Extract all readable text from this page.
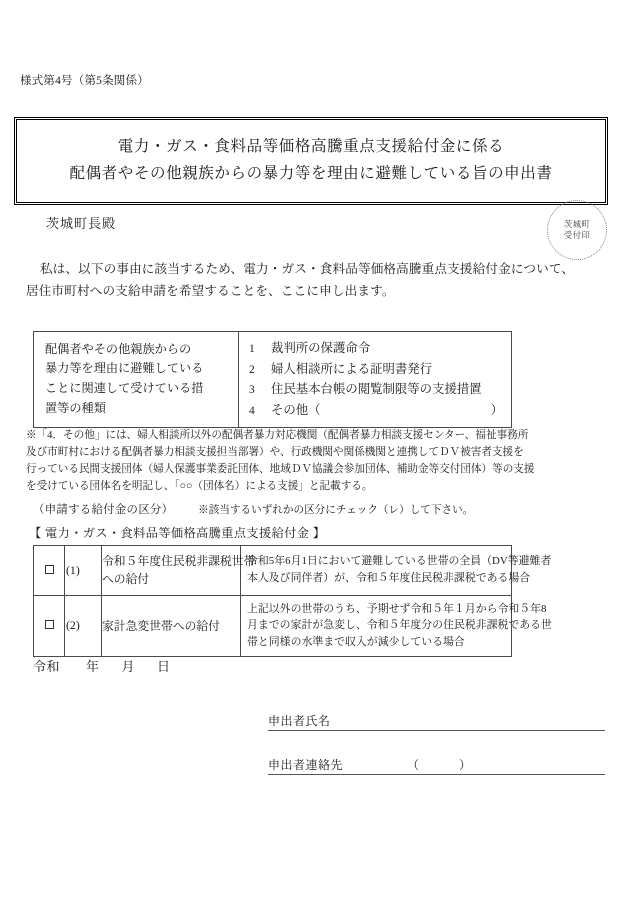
様式第4号（第5条関係）
電力・ガス・食料品等価格高騰重点支援給付金に係る
配偶者やその他親族からの暴力等を理由に避難している旨の申出書
茨城町長殿	茨城町
受付印
私は、以下の事由に該当するため、電力・ガス・食料品等価格高騰重点支援給付金について、
居住市町村への支給申請を希望することを、ここに申し出ます。
配偶者やその他親族からの
暴力等を理由に避難している
ことに関連して受けている措
置等の種類

1	裁判所の保護命令
2	婦人相談所による証明書発行
3	住民基本台帳の閲覧制限等の支援措置
4	その他（	）
※「4．その他」には、婦人相談所以外の配偶者暴力対応機関（配偶者暴力相談支援センター、福祉事務所
及び市町村における配偶者暴力相談支援担当部署）や、行政機関や関係機関と連携してＤＶ被害者支援を
行っている民間支援団体（婦人保護事業委託団体、地域ＤＶ協議会参加団体、補助金等交付団体）等の支援
を受けている団体名を明記し、「○○（団体名）による支援」と記載する。
（申請する給付金の区分） ※該当するいずれかの区分にチェック（レ）して下さい。
【 電力・ガス・食料品等価格高騰重点支援給付金 】
	(1)	令和５年度住民税非課税世帯
への給付	令和5年6月1日において避難している世帯の全員（DV等避難者
本人及び同伴者）が、令和５年度住民税非課税である場合

	(2)	家計急変世帯への給付	上記以外の世帯のうち、予期せず令和５年１月から令和５年8
月までの家計が急変し、令和５年度分の住民税非課税である世
帯と同様の水準まで収入が減少している場合
令和 年 月 日
申出者氏名
申出者連絡先	（　　　）
